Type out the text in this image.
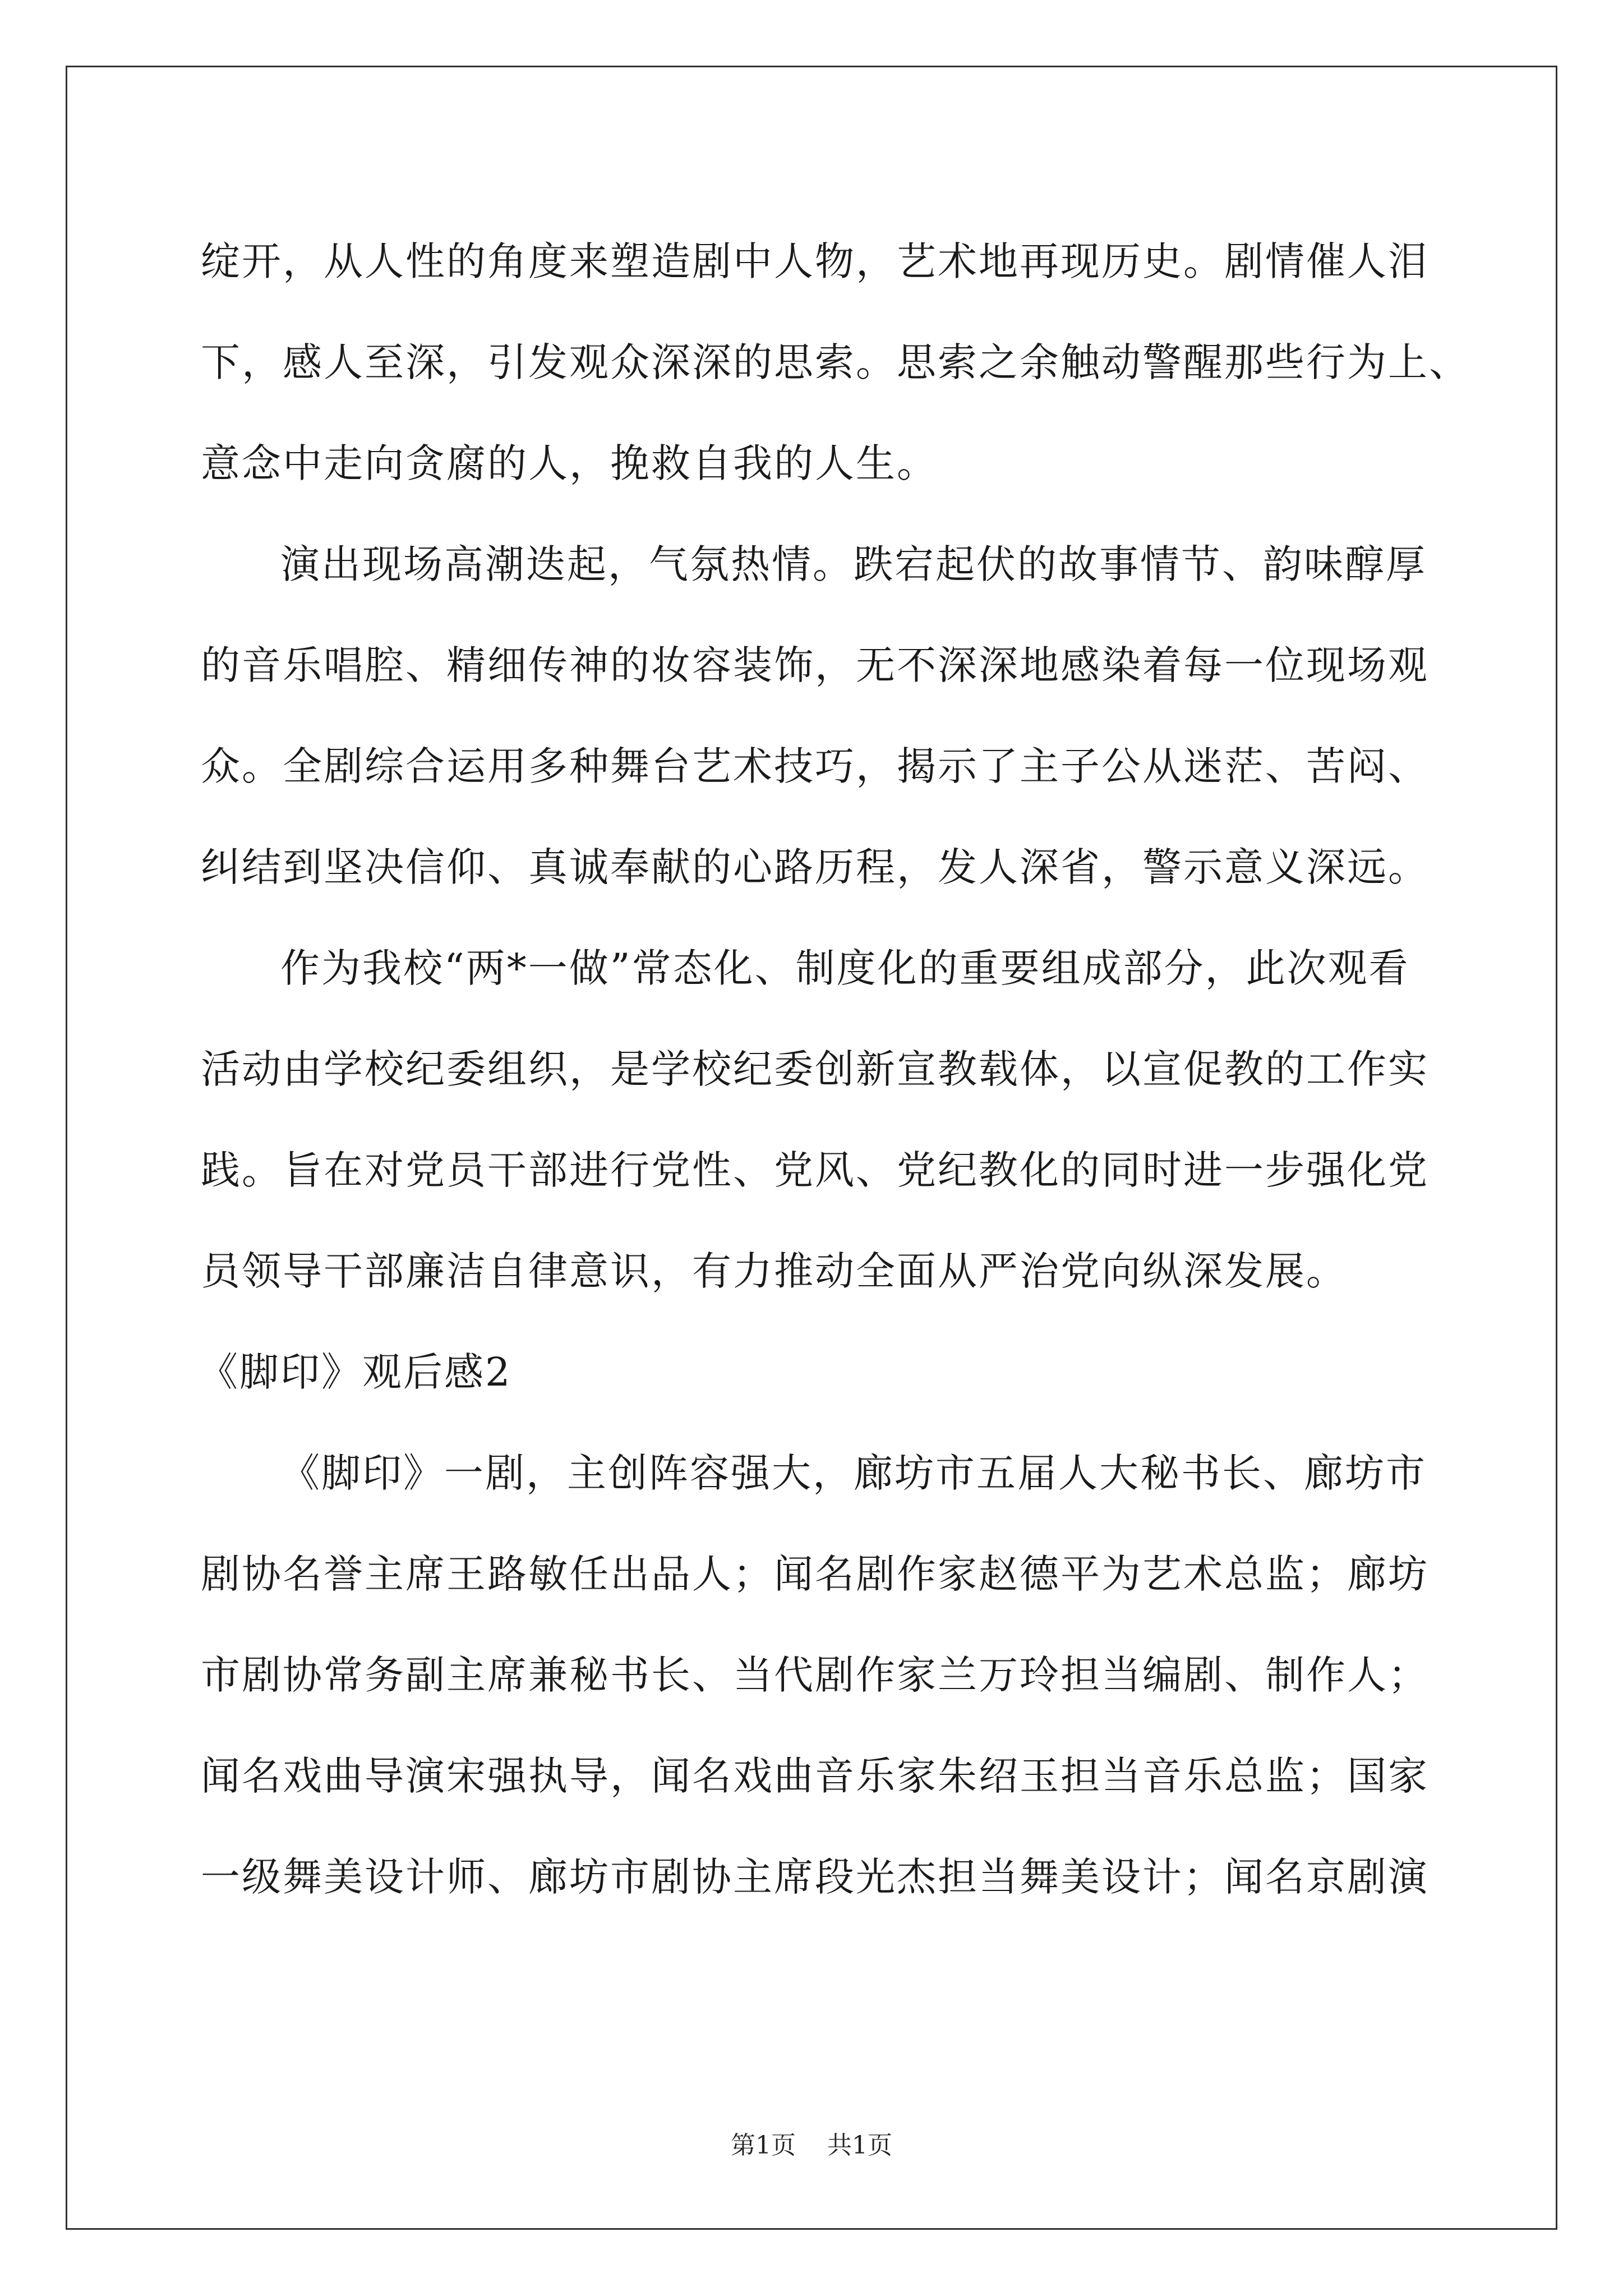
绽开，从人性的角度来塑造剧中人物，艺术地再现历史。剧情催人泪
下，感人至深，引发观众深深的思索。思索之余触动警醒那些行为上、
意念中走向贪腐的人，挽救自我的人生。
演出现场高潮迭起，气氛热情。跌宕起伏的故事情节、韵味醇厚
的音乐唱腔、精细传神的妆容装饰，无不深深地感染着每一位现场观
众。全剧综合运用多种舞台艺术技巧，揭示了主子公从迷茫、苦闷、
纠结到坚决信仰、真诚奉献的心路历程，发人深省，警示意义深远。
作为我校“两*一做”常态化、制度化的重要组成部分，此次观看
活动由学校纪委组织，是学校纪委创新宣教载体，以宣促教的工作实
践。旨在对党员干部进行党性、党风、党纪教化的同时进一步强化党
员领导干部廉洁自律意识，有力推动全面从严治党向纵深发展。
《脚印》观后感2
《脚印》一剧，主创阵容强大，廊坊市五届人大秘书长、廊坊市
剧协名誉主席王路敏任出品人；闻名剧作家赵德平为艺术总监；廊坊
市剧协常务副主席兼秘书长、当代剧作家兰万玲担当编剧、制作人；
闻名戏曲导演宋强执导，闻名戏曲音乐家朱绍玉担当音乐总监；国家
一级舞美设计师、廊坊市剧协主席段光杰担当舞美设计；闻名京剧演
第1页 共1页
